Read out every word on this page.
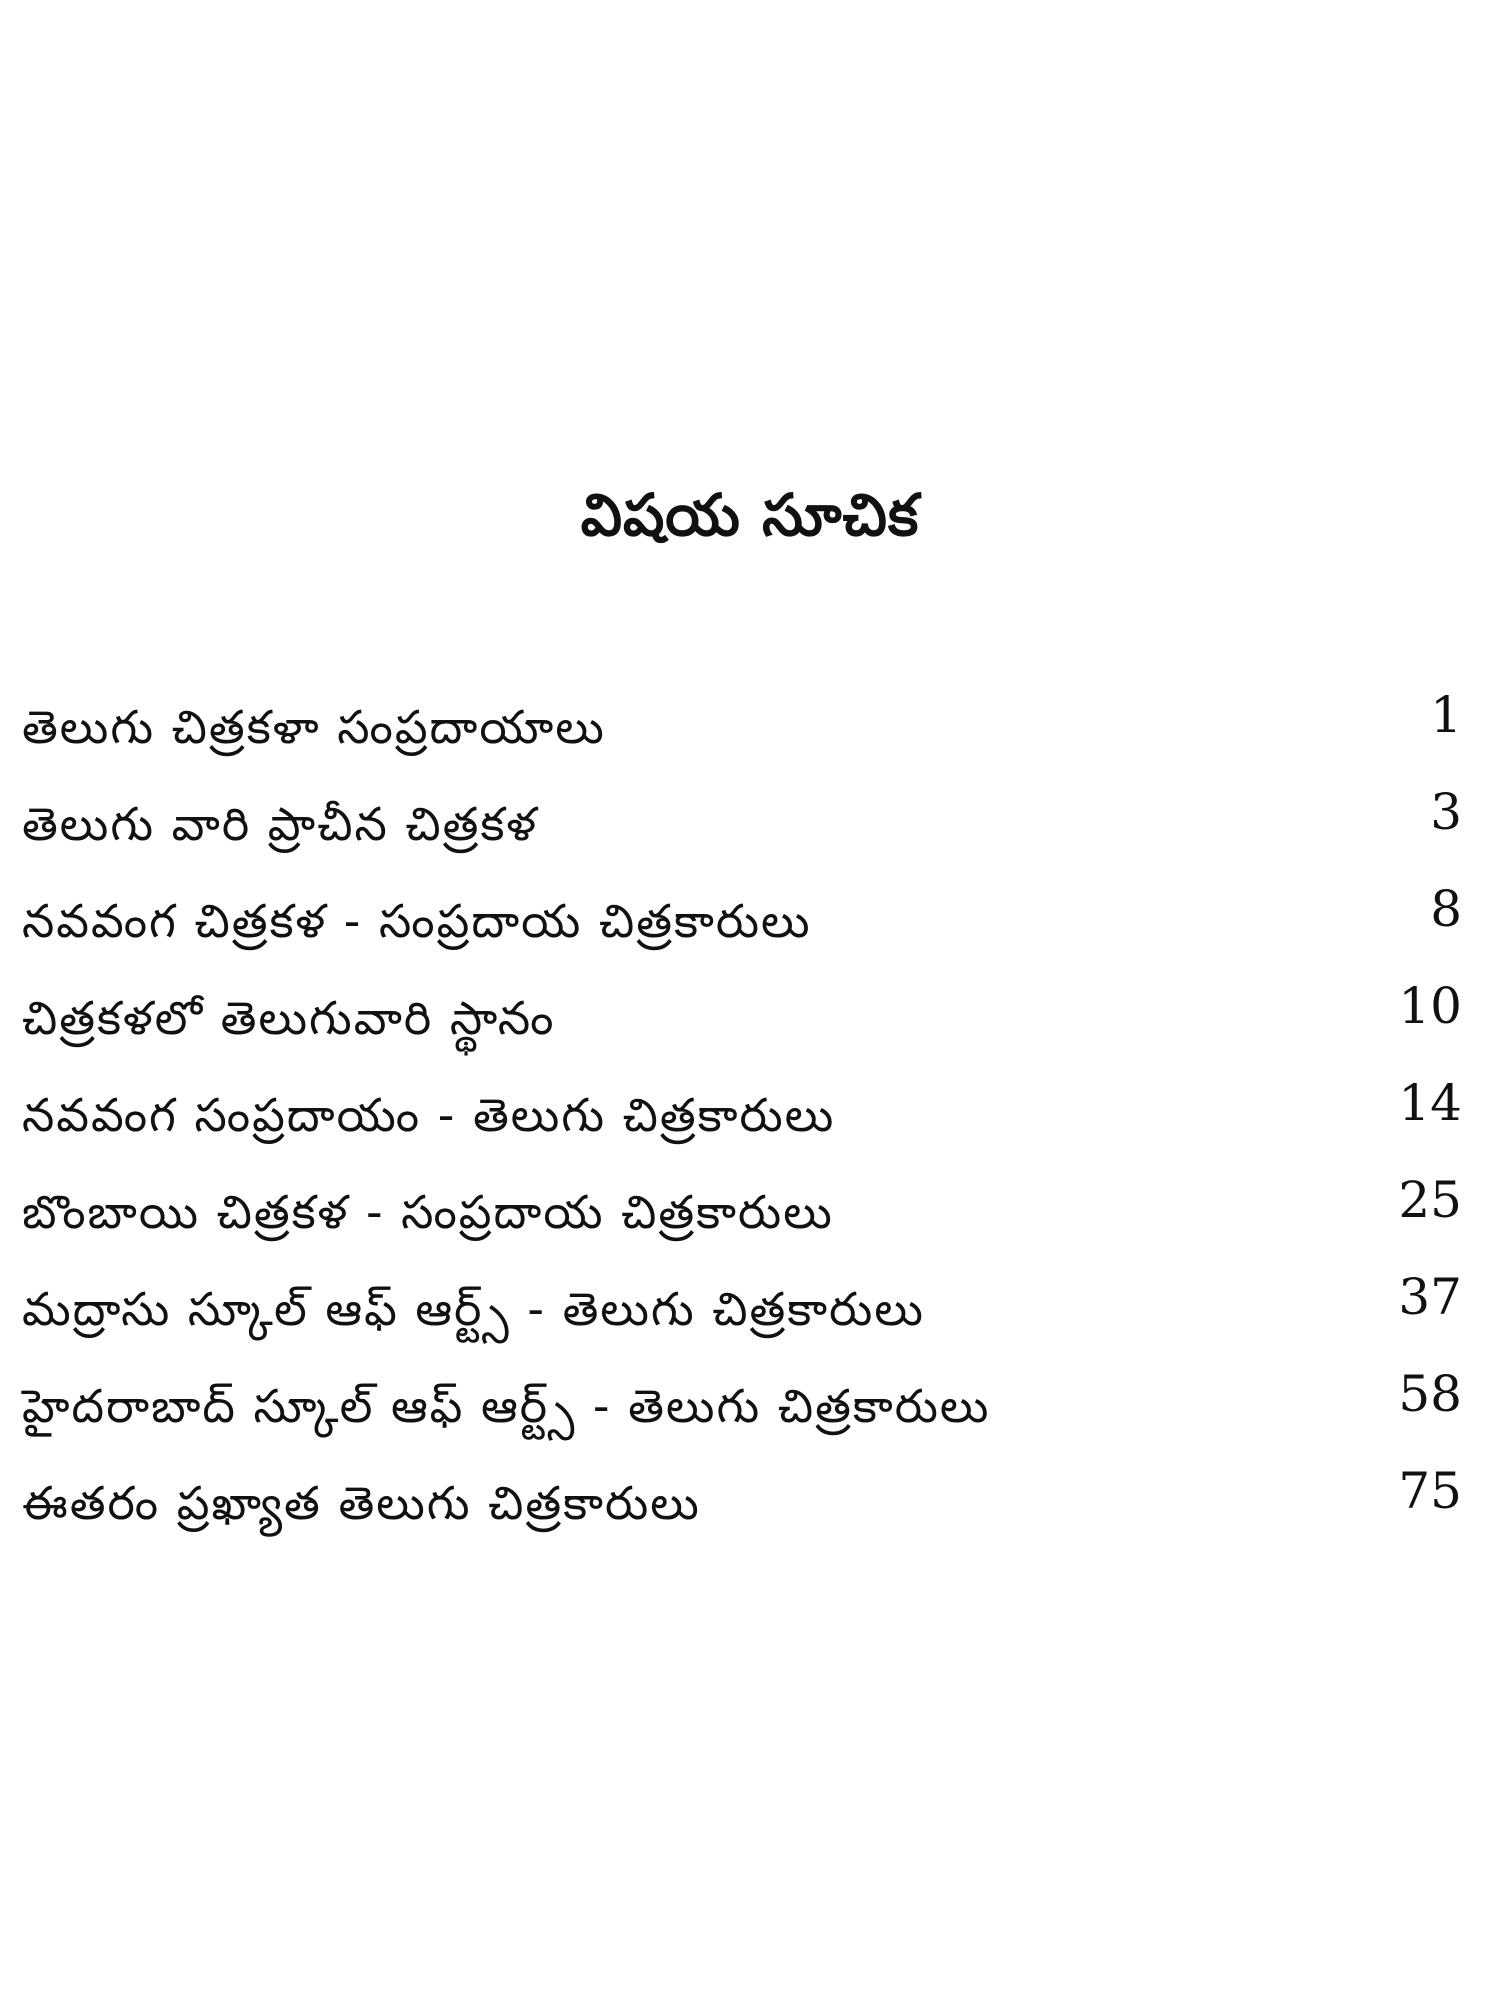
విషయ సూచిక
తెలుగు చిత్రకళా సంప్రదాయాలు	1
తెలుగు వారి ప్రాచీన చిత్రకళ	3
నవవంగ చిత్రకళ - సంప్రదాయ చిత్రకారులు	8
చిత్రకళలో తెలుగువారి స్థానం	10
నవవంగ సంప్రదాయం - తెలుగు చిత్రకారులు	14
బొంబాయి చిత్రకళ - సంప్రదాయ చిత్రకారులు	25
మద్రాసు స్కూల్ ఆఫ్ ఆర్ట్స్ - తెలుగు చిత్రకారులు	37
హైదరాబాద్ స్కూల్ ఆఫ్ ఆర్ట్స్ - తెలుగు చిత్రకారులు	58
ఈతరం ప్రఖ్యాత తెలుగు చిత్రకారులు	75
